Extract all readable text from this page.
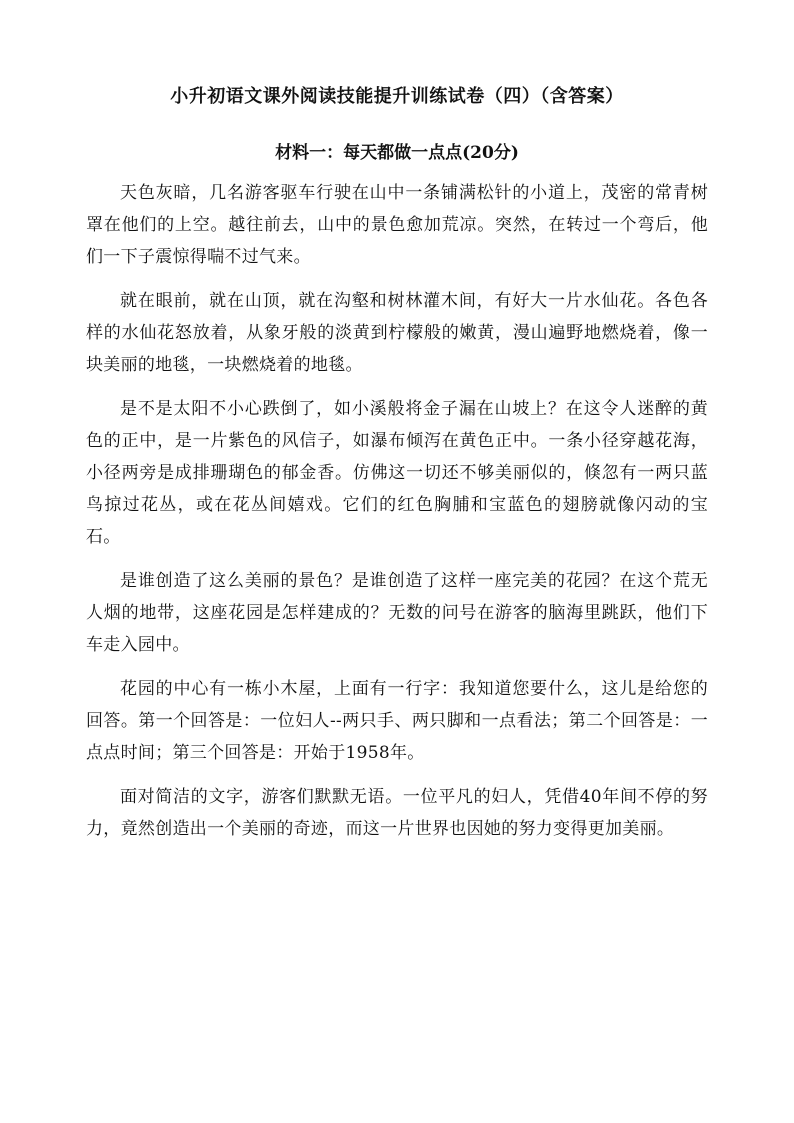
小升初语文课外阅读技能提升训练试卷（四）（含答案）
材料一：每天都做一点点(20分)

天色灰暗，几名游客驱车行驶在山中一条铺满松针的小道上，茂密的常青树罩在他们的上空。越往前去，山中的景色愈加荒凉。突然，在转过一个弯后，他们一下子震惊得喘不过气来。

就在眼前，就在山顶，就在沟壑和树林灌木间，有好大一片水仙花。各色各样的水仙花怒放着，从象牙般的淡黄到柠檬般的嫩黄，漫山遍野地燃烧着，像一块美丽的地毯，一块燃烧着的地毯。

是不是太阳不小心跌倒了，如小溪般将金子漏在山坡上？在这令人迷醉的黄色的正中，是一片紫色的风信子，如瀑布倾泻在黄色正中。一条小径穿越花海，小径两旁是成排珊瑚色的郁金香。仿佛这一切还不够美丽似的，倏忽有一两只蓝鸟掠过花丛，或在花丛间嬉戏。它们的红色胸脯和宝蓝色的翅膀就像闪动的宝石。

是谁创造了这么美丽的景色？是谁创造了这样一座完美的花园？在这个荒无人烟的地带，这座花园是怎样建成的？无数的问号在游客的脑海里跳跃，他们下车走入园中。

花园的中心有一栋小木屋，上面有一行字：我知道您要什么，这儿是给您的回答。第一个回答是：一位妇人--两只手、两只脚和一点看法；第二个回答是：一点点时间；第三个回答是：开始于1958年。

面对简洁的文字，游客们默默无语。一位平凡的妇人，凭借40年间不停的努力，竟然创造出一个美丽的奇迹，而这一片世界也因她的努力变得更加美丽。
